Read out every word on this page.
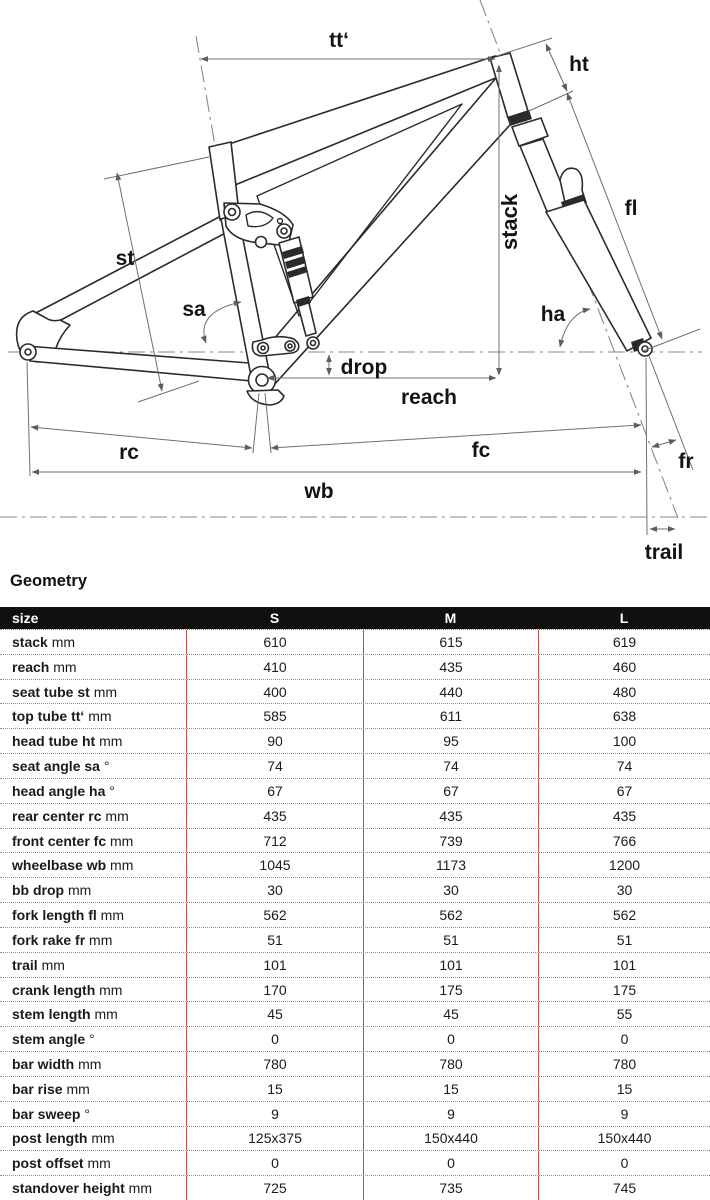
tt‘
ht
st
sa
stack	fl
ha
drop
reach
rc	fc
wb
fr
trail
Geometry
size	S	M	L
stack mm	610	615	619
reach mm	410	435	460
seat tube st mm	400	440	480
top tube tt‘ mm	585	611	638
head tube ht mm	90	95	100
seat angle sa °	74	74	74
head angle ha °	67	67	67
rear center rc mm	435	435	435
front center fc mm	712	739	766
wheelbase wb mm	1045	1173	1200
bb drop mm	30	30	30
fork length fl mm	562	562	562
fork rake fr mm	51	51	51
trail mm	101	101	101
crank length mm	170	175	175
stem length mm	45	45	55
stem angle °	0	0	0
bar width mm	780	780	780
bar rise mm	15	15	15
bar sweep °	9	9	9
post length mm	125x375	150x440	150x440
post offset mm	0	0	0
standover height mm	725	735	745
